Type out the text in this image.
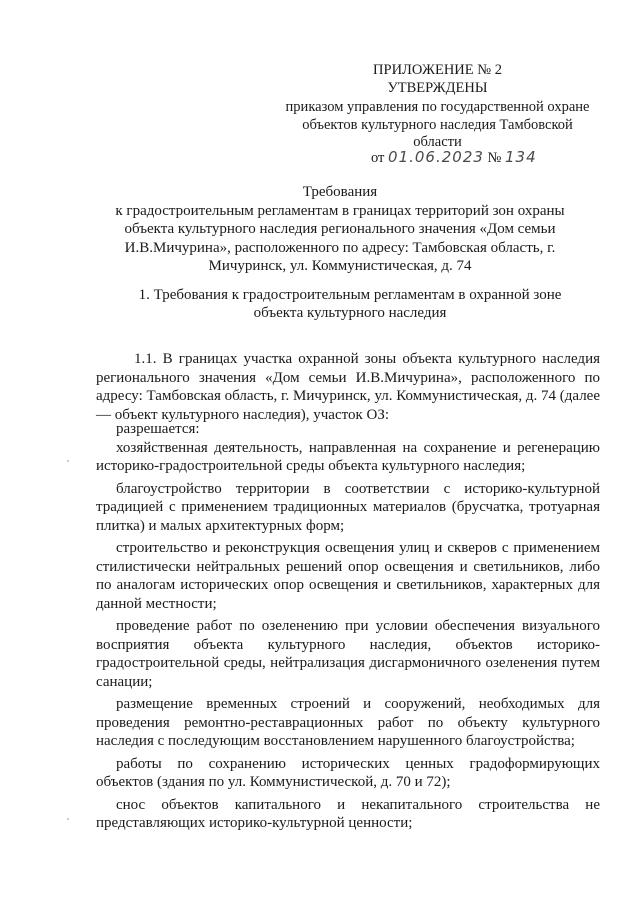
ПРИЛОЖЕНИЕ № 2
УТВЕРЖДЕНЫ
приказом управления по государственной охране объектов культурного наследия Тамбовской области
от 01.06.2023 № 134
Требования
к градостроительным регламентам в границах территорий зон охраны объекта культурного наследия регионального значения «Дом семьи И.В.Мичурина», расположенного по адресу: Тамбовская область, г. Мичуринск, ул. Коммунистическая, д. 74
1. Требования к градостроительным регламентам в охранной зоне объекта культурного наследия

1.1. В границах участка охранной зоны объекта культурного наследия регионального значения «Дом семьи И.В.Мичурина», расположенного по адресу: Тамбовская область, г. Мичуринск, ул. Коммунистическая, д. 74 (далее — объект культурного наследия), участок ОЗ:

разрешается:

хозяйственная деятельность, направленная на сохранение и регенерацию историко-градостроительной среды объекта культурного наследия;

благоустройство территории в соответствии с историко-культурной традицией с применением традиционных материалов (брусчатка, тротуарная плитка) и малых архитектурных форм;

строительство и реконструкция освещения улиц и скверов с применением стилистически нейтральных решений опор освещения и светильников, либо по аналогам исторических опор освещения и светильников, характерных для данной местности;

проведение работ по озеленению при условии обеспечения визуального восприятия объекта культурного наследия, объектов историко-градостроительной среды, нейтрализация дисгармоничного озеленения путем санации;

размещение временных строений и сооружений, необходимых для проведения ремонтно-реставрационных работ по объекту культурного наследия с последующим восстановлением нарушенного благоустройства;

работы по сохранению исторических ценных градоформирующих объектов (здания по ул. Коммунистической, д. 70 и 72);

снос объектов капитального и некапитального строительства не представляющих историко-культурной ценности;
